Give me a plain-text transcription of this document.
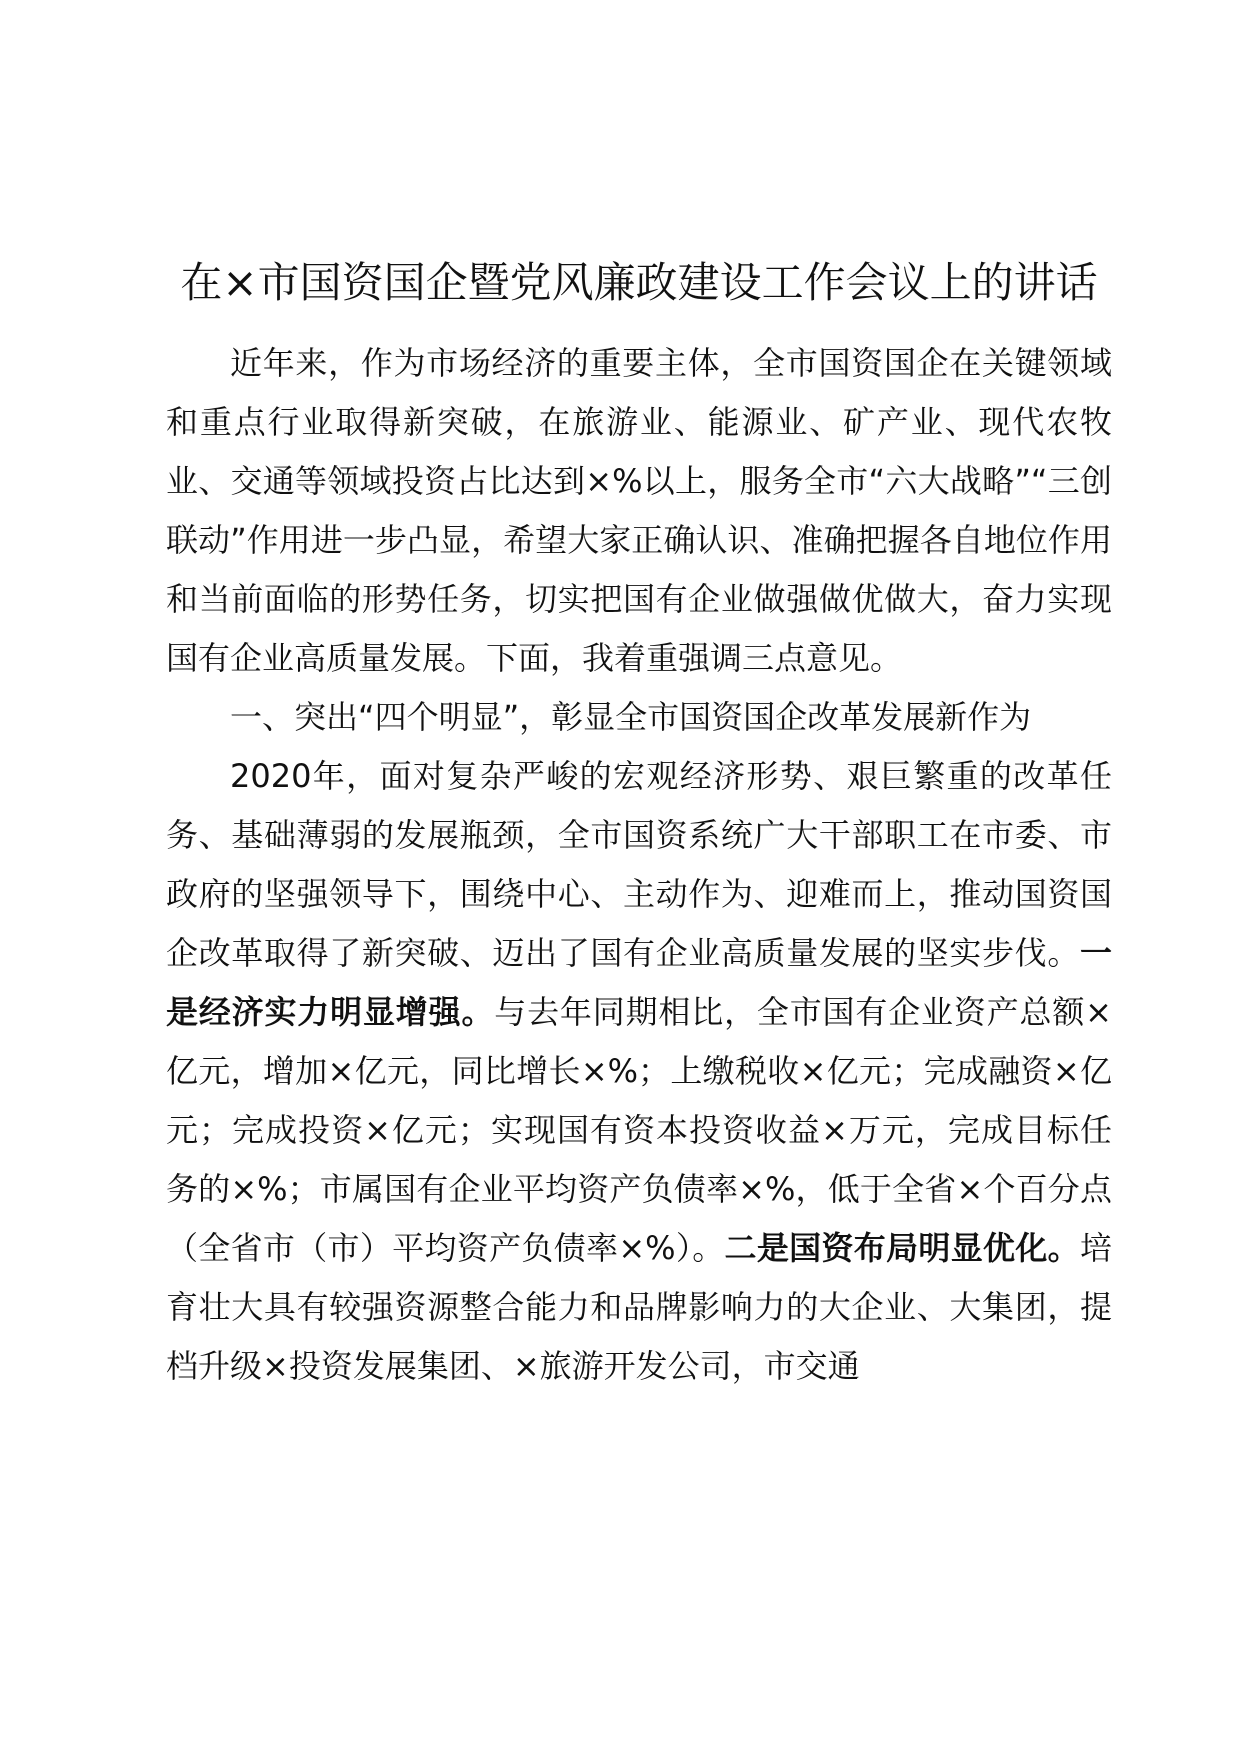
在×市国资国企暨党风廉政建设工作会议上的讲话

近年来，作为市场经济的重要主体，全市国资国企在关键领域和重点行业取得新突破，在旅游业、能源业、矿产业、现代农牧业、交通等领域投资占比达到×%以上，服务全市“六大战略”“三创联动”作用进一步凸显，希望大家正确认识、准确把握各自地位作用和当前面临的形势任务，切实把国有企业做强做优做大，奋力实现国有企业高质量发展。下面，我着重强调三点意见。

一、突出“四个明显”，彰显全市国资国企改革发展新作为

2020年，面对复杂严峻的宏观经济形势、艰巨繁重的改革任务、基础薄弱的发展瓶颈，全市国资系统广大干部职工在市委、市政府的坚强领导下，围绕中心、主动作为、迎难而上，推动国资国企改革取得了新突破、迈出了国有企业高质量发展的坚实步伐。一是经济实力明显增强。与去年同期相比，全市国有企业资产总额×亿元，增加×亿元，同比增长×%；上缴税收×亿元；完成融资×亿元；完成投资×亿元；实现国有资本投资收益×万元，完成目标任务的×%；市属国有企业平均资产负债率×%，低于全省×个百分点（全省市（市）平均资产负债率×%）。二是国资布局明显优化。培育壮大具有较强资源整合能力和品牌影响力的大企业、大集团，提档升级×投资发展集团、×旅游开发公司，市交通
